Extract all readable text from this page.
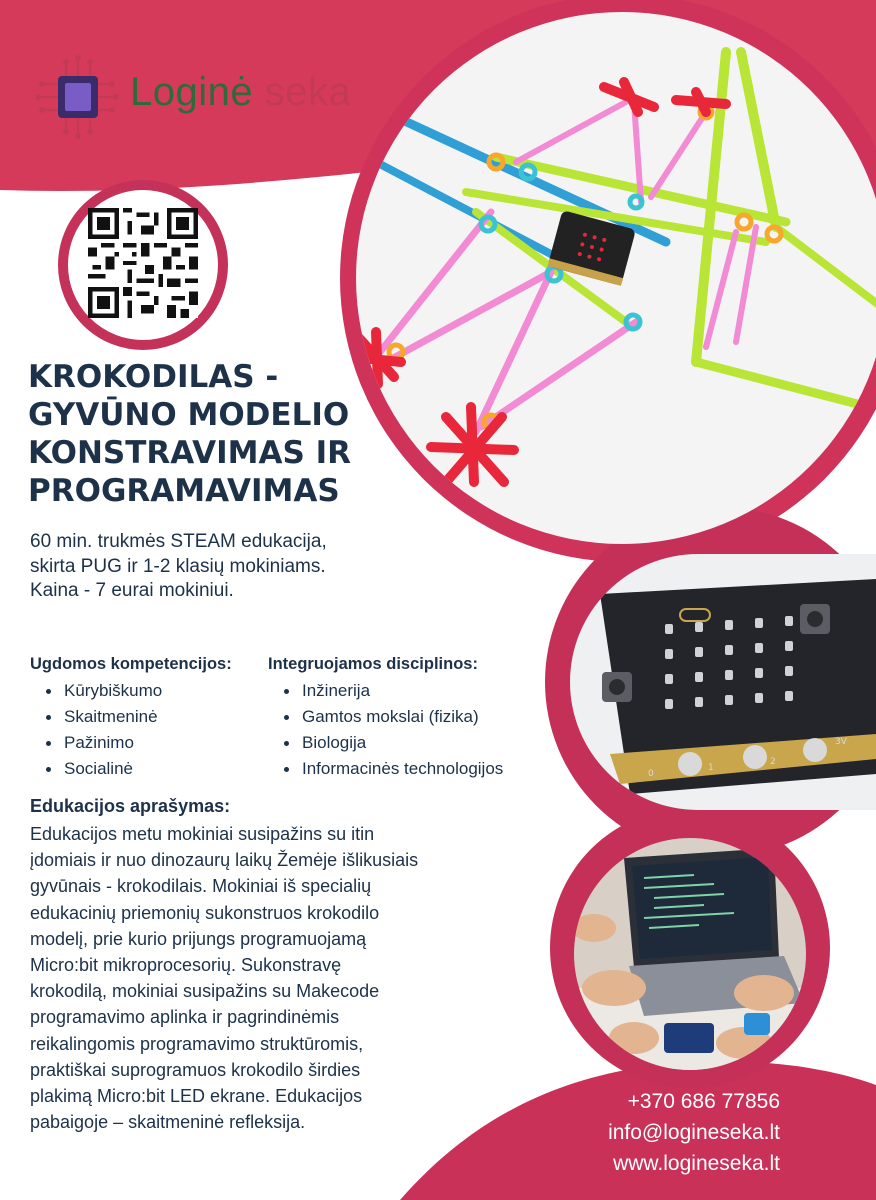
Loginė seka
0
1
2
3V
KROKODILAS -
GYVŪNO MODELIO
KONSTRAVIMAS IR
PROGRAMAVIMAS
60 min. trukmės STEAM edukacija,
skirta PUG ir 1-2 klasių mokiniams.
Kaina - 7 eurai mokiniui.
Ugdomos kompetencijos:
Kūrybiškumo
Skaitmeninė
Pažinimo
Socialinė
Integruojamos disciplinos:
Inžinerija
Gamtos mokslai (fizika)
Biologija
Informacinės technologijos
Edukacijos aprašymas:
Edukacijos metu mokiniai susipažins su itin
įdomiais ir nuo dinozaurų laikų Žemėje išlikusiais
gyvūnais - krokodilais. Mokiniai iš specialių
edukacinių priemonių sukonstruos krokodilo
modelį, prie kurio prijungs programuojamą
Micro:bit mikroprocesorių. Sukonstravę
krokodilą, mokiniai susipažins su Makecode
programavimo aplinka ir pagrindinėmis
reikalingomis programavimo struktūromis,
praktiškai suprogramuos krokodilo širdies
plakimą Micro:bit LED ekrane. Edukacijos
pabaigoje – skaitmeninė refleksija.
+370 686 77856
info@logineseka.lt
www.logineseka.lt
